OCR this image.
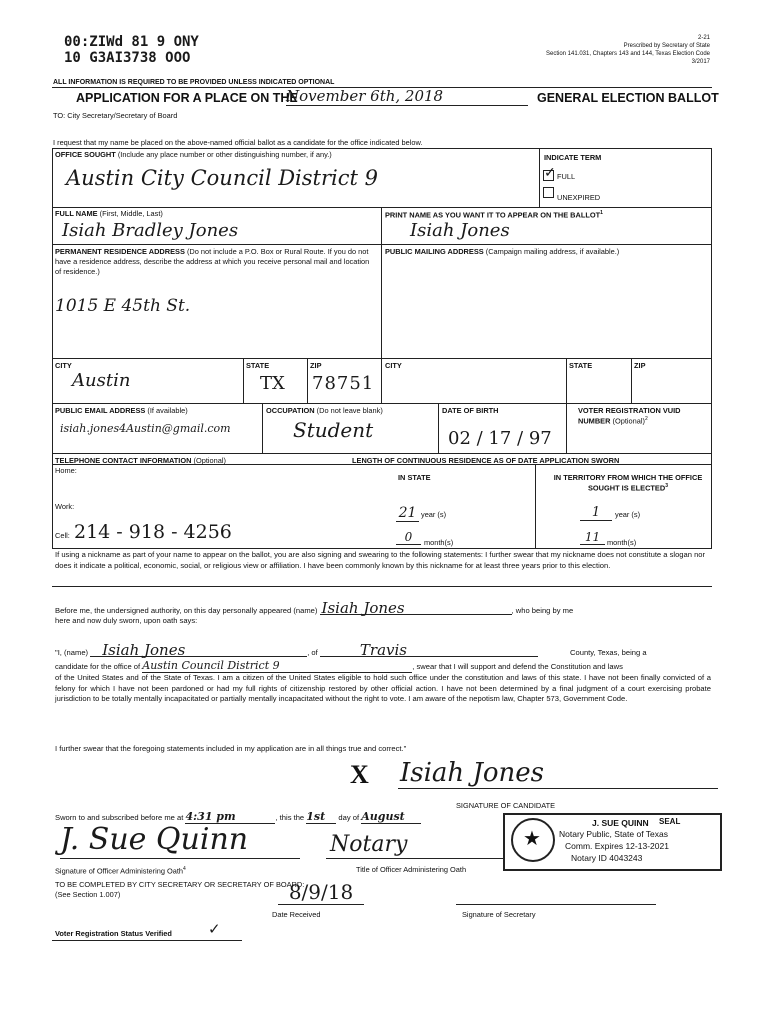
00:ZIWd 81 9 ONY
10 G3AI3738 OOO
2-21
Prescribed by Secretary of State
Section 141.031, Chapters 143 and 144, Texas Election Code
3/2017
ALL INFORMATION IS REQUIRED TO BE PROVIDED UNLESS INDICATED OPTIONAL
APPLICATION FOR A PLACE ON THE
November 6th, 2018	GENERAL ELECTION BALLOT
TO: City Secretary/Secretary of Board
I request that my name be placed on the above-named official ballot as a candidate for the office indicated below.
OFFICE SOUGHT (Include any place number or other distinguishing number, if any.)
Austin City Council District 9
INDICATE TERM
✓ FULL
UNEXPIRED
FULL NAME (First, Middle, Last)
Isiah Bradley Jones
PRINT NAME AS YOU WANT IT TO APPEAR ON THE BALLOT$^1$
Isiah Jones
PERMANENT RESIDENCE ADDRESS (Do not include a P.O. Box or Rural Route. If you do not have a residence address, describe the address at which you receive personal mail and location of residence.)
1015 E 45th St.
PUBLIC MAILING ADDRESS (Campaign mailing address, if available.)
CITY
Austin
STATE
TX
ZIP
78751
CITY	STATE	ZIP
PUBLIC EMAIL ADDRESS (If available)
isiah.jones4Austin@gmail.com
OCCUPATION (Do not leave blank)
Student
DATE OF BIRTH
02 / 17 / 97
VOTER REGISTRATION VUID NUMBER (Optional)$^2$
TELEPHONE CONTACT INFORMATION (Optional)
Home:
Work:
Cell: 214 - 918 - 4256
LENGTH OF CONTINUOUS RESIDENCE AS OF DATE APPLICATION SWORN
IN STATE	IN TERRITORY FROM WHICH THE OFFICE SOUGHT IS ELECTED$^3$
21 year (s)
0	month(s)
1	year (s)
11 month(s)
If using a nickname as part of your name to appear on the ballot, you are also signing and swearing to the following statements: I further swear that my nickname does not constitute a slogan nor does it indicate a political, economic, social, or religious view or affiliation. I have been commonly known by this nickname for at least three years prior to this election.
Before me, the undersigned authority, on this day personally appeared (name) Isiah Jones	, who being by me
here and now duly sworn, upon oath says:
"I, (name) Isiah Jones	, of	Travis	County, Texas, being a
candidate for the office of Austin Council District 9	, swear that I will support and defend the Constitution and laws
of the United States and of the State of Texas. I am a citizen of the United States eligible to hold such office under the constitution and laws of this state. I have not been finally convicted of a felony for which I have not been pardoned or had my full rights of citizenship restored by other official action. I have not been determined by a final judgment of a court exercising probate jurisdiction to be totally mentally incapacitated or partially mentally incapacitated without the right to vote. I am aware of the nepotism law, Chapter 573, Government Code.
I further swear that the foregoing statements included in my application are in all things true and correct."
X Isiah Jones
SIGNATURE OF CANDIDATE
Sworn to and subscribed before me at 4:31 pm	, this the 1st day of August
J. Sue Quinn
Signature of Officer Administering Oath$^4$
Notary
Title of Officer Administering Oath
★
J. SUE QUINN SEAL
Notary Public, State of Texas
Comm. Expires 12-13-2021
Notary ID 4043243
TO BE COMPLETED BY CITY SECRETARY OR SECRETARY OF BOARD:
(See Section 1.007)	8/9/18
Date Received	Signature of Secretary
Voter Registration Status Verified ✓
